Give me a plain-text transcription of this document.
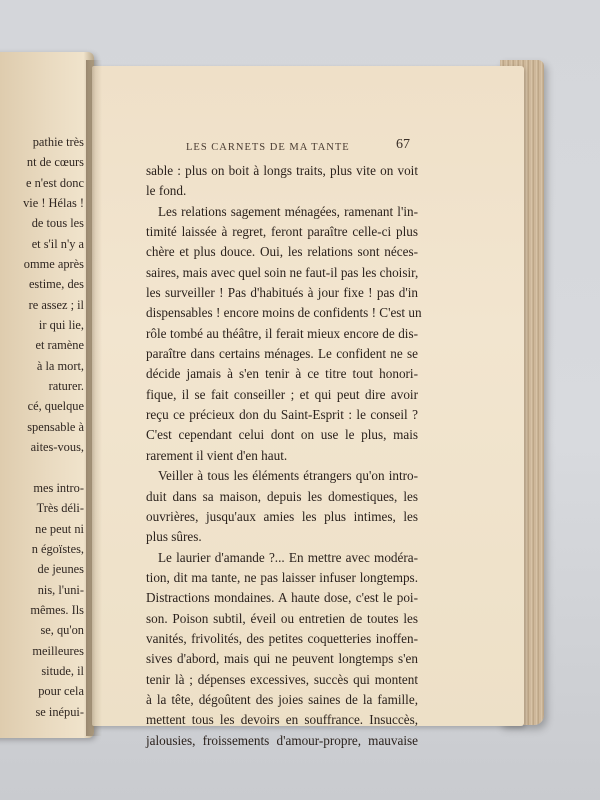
pathie très
nt de cœurs
e n'est donc
vie ! Hélas !
de tous les
et s'il n'y a
omme après
estime, des
re assez ; il
ir qui lie,
et ramène
à la mort,
raturer.
cé, quelque
spensable à
aites-vous,

mes intro-
Très déli-
ne peut ni
n égoïstes,
de jeunes
nis, l'uni-
mêmes. Ils
se, qu'on
meilleures
situde, il
pour cela
se inépui-
LES CARNETS DE MA TANTE	67
sable : plus on boit à longs traits, plus vite on voit
le fond.
Les relations sagement ménagées, ramenant l'in-
timité laissée à regret, feront paraître celle-ci plus
chère et plus douce. Oui, les relations sont néces-
saires, mais avec quel soin ne faut-il pas les choisir,
les surveiller ! Pas d'habitués à jour fixe ! pas d'in
dispensables ! encore moins de confidents ! C'est un
rôle tombé au théâtre, il ferait mieux encore de dis-
paraître dans certains ménages. Le confident ne se
décide jamais à s'en tenir à ce titre tout honori-
fique, il se fait conseiller ; et qui peut dire avoir
reçu ce précieux don du Saint-Esprit : le conseil ?
C'est cependant celui dont on use le plus, mais
rarement il vient d'en haut.
Veiller à tous les éléments étrangers qu'on intro-
duit dans sa maison, depuis les domestiques, les
ouvrières, jusqu'aux amies les plus intimes, les
plus sûres.
Le laurier d'amande ?... En mettre avec modéra-
tion, dit ma tante, ne pas laisser infuser longtemps.
Distractions mondaines. A haute dose, c'est le poi-
son. Poison subtil, éveil ou entretien de toutes les
vanités, frivolités, des petites coquetteries inoffen-
sives d'abord, mais qui ne peuvent longtemps s'en
tenir là ; dépenses excessives, succès qui montent
à la tête, dégoûtent des joies saines de la famille,
mettent tous les devoirs en souffrance. Insuccès,
jalousies, froissements d'amour-propre, mauvaise
